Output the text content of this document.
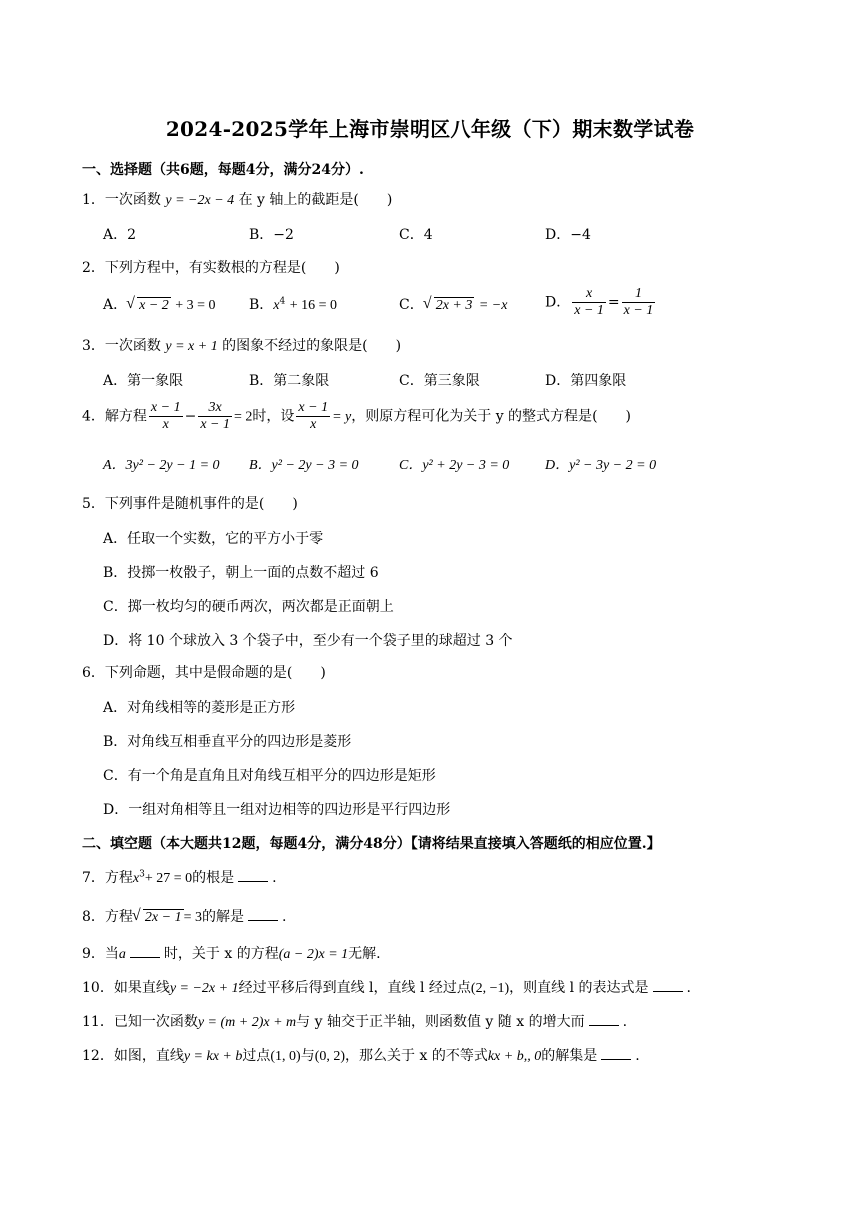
2024-2025学年上海市崇明区八年级（下）期末数学试卷
一、选择题（共6题，每题4分，满分24分）.
1．一次函数 y = −2x − 4 在 y 轴上的截距是(　　)
A．2	B．−2	C．4	D．−4
2．下列方程中，有实数根的方程是(　　)
A． √ x − 2 + 3 = 0 B．$x^4 + 16 = 0$	C． √ 2x + 3 = −x	D． $\frac{x}{x - 1} = \frac{1}{x - 1}$
3．一次函数 y = x + 1 的图象不经过的象限是(　　)
A．第一象限	B．第二象限	C．第三象限	D．第四象限
4．解方程 $\frac{x - 1}{x} - \frac{3x}{x - 1} = 2$时，设 $\frac{x - 1}{x} = y$，则原方程可化为关于 y 的整式方程是(　　)
A．3y² − 2y − 1 = 0 B．y² − 2y − 3 = 0	C．y² + 2y − 3 = 0	D．y² − 3y − 2 = 0
5．下列事件是随机事件的是(　　)
A．任取一个实数，它的平方小于零
B．投掷一枚骰子，朝上一面的点数不超过 6
C．掷一枚均匀的硬币两次，两次都是正面朝上
D．将 10 个球放入 3 个袋子中，至少有一个袋子里的球超过 3 个
6．下列命题，其中是假命题的是(　　)
A．对角线相等的菱形是正方形
B．对角线互相垂直平分的四边形是菱形
C．有一个角是直角且对角线互相平分的四边形是矩形
D．一组对角相等且一组对边相等的四边形是平行四边形
二、填空题（本大题共12题，每题4分，满分48分）【请将结果直接填入答题纸的相应位置.】
7．方程$x^3+ 27 = 0$的根是	.
8．方程 √ 2x − 1 = 3的解是	.
9．当a	时，关于 x 的方程(a − 2)x = 1无解.
10．如果直线y = −2x + 1经过平移后得到直线 l，直线 l 经过点(2, −1)，则直线 l 的表达式是	.
11．已知一次函数y = (m + 2)x + m与 y 轴交于正半轴，则函数值 y 随 x 的增大而	.
12．如图，直线y = kx + b过点(1, 0)与(0, 2)，那么关于 x 的不等式kx + b,, 0的解集是	.
